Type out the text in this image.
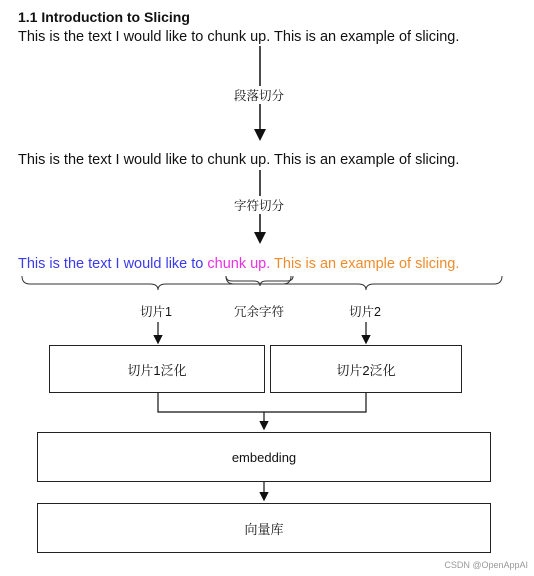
1.1 Introduction to Slicing
This is the text I would like to chunk up. This is an example of slicing.
段落切分
This is the text I would like to chunk up. This is an example of slicing.
字符切分
This is the text I would like to chunk up. This is an example of slicing.
切片1	冗余字符	切片2
切片1泛化	切片2泛化
embedding
向量库
CSDN @OpenAppAI
